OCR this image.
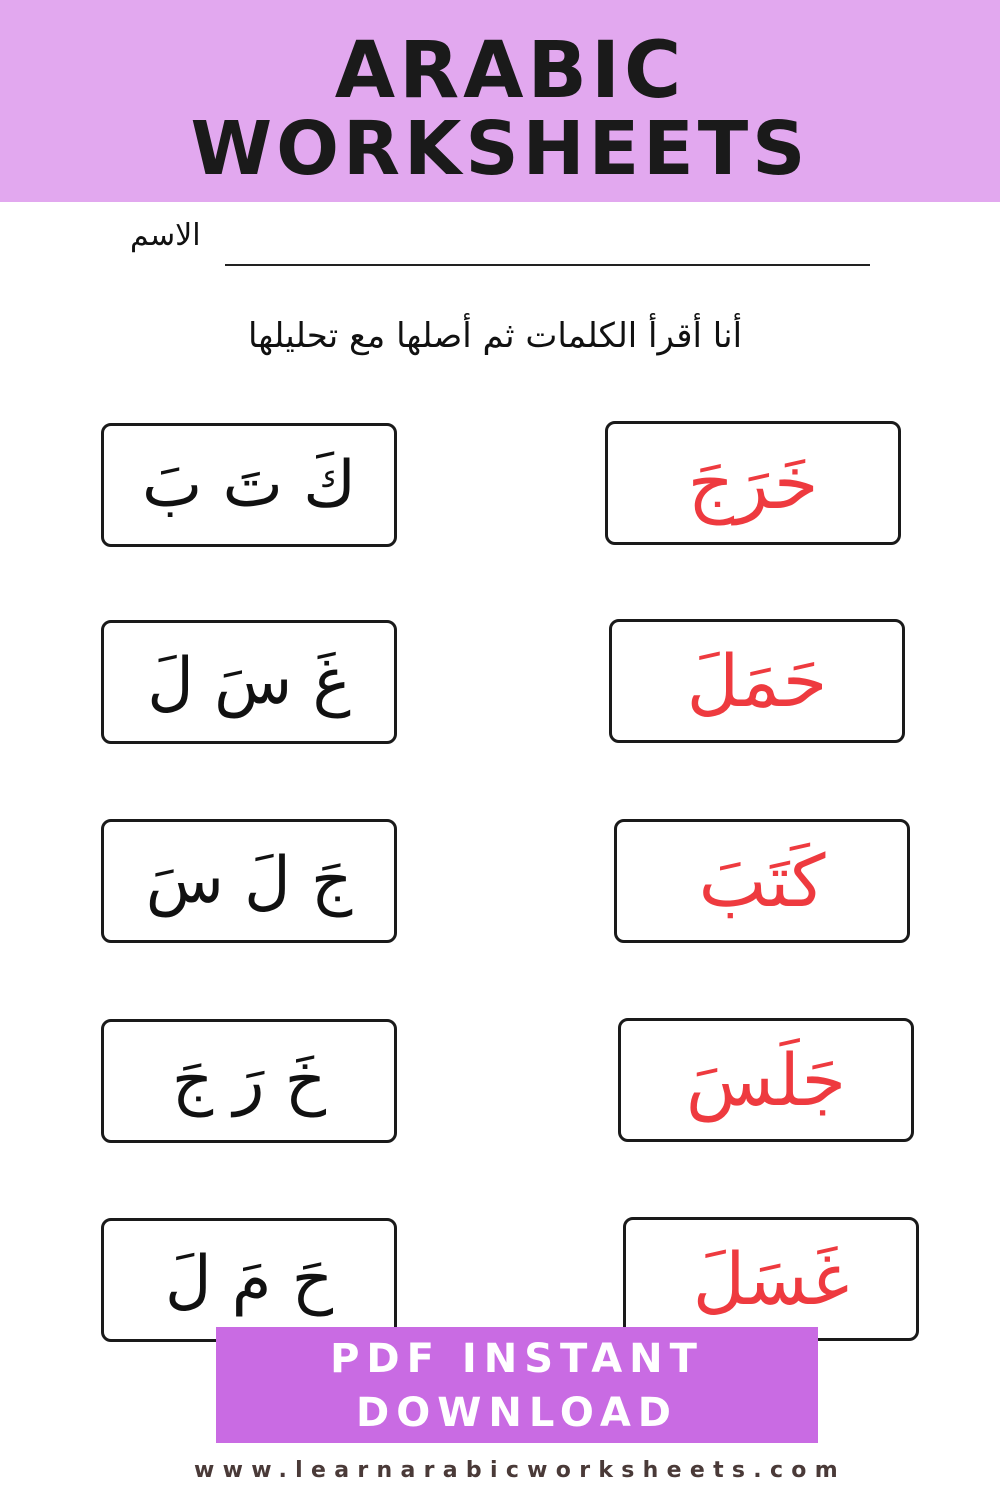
ARABIC
WORKSHEETS
الاسم
أنا أقرأ الكلمات ثم أصلها مع تحليلها
كَ تَ بَ
غَ سَ لَ
جَ لَ سَ
خَ رَ جَ
حَ مَ لَ
خَرَجَ
حَمَلَ
كَتَبَ
جَلَسَ
غَسَلَ
PDF INSTANT
DOWNLOAD
www.learnarabicworksheets.com
